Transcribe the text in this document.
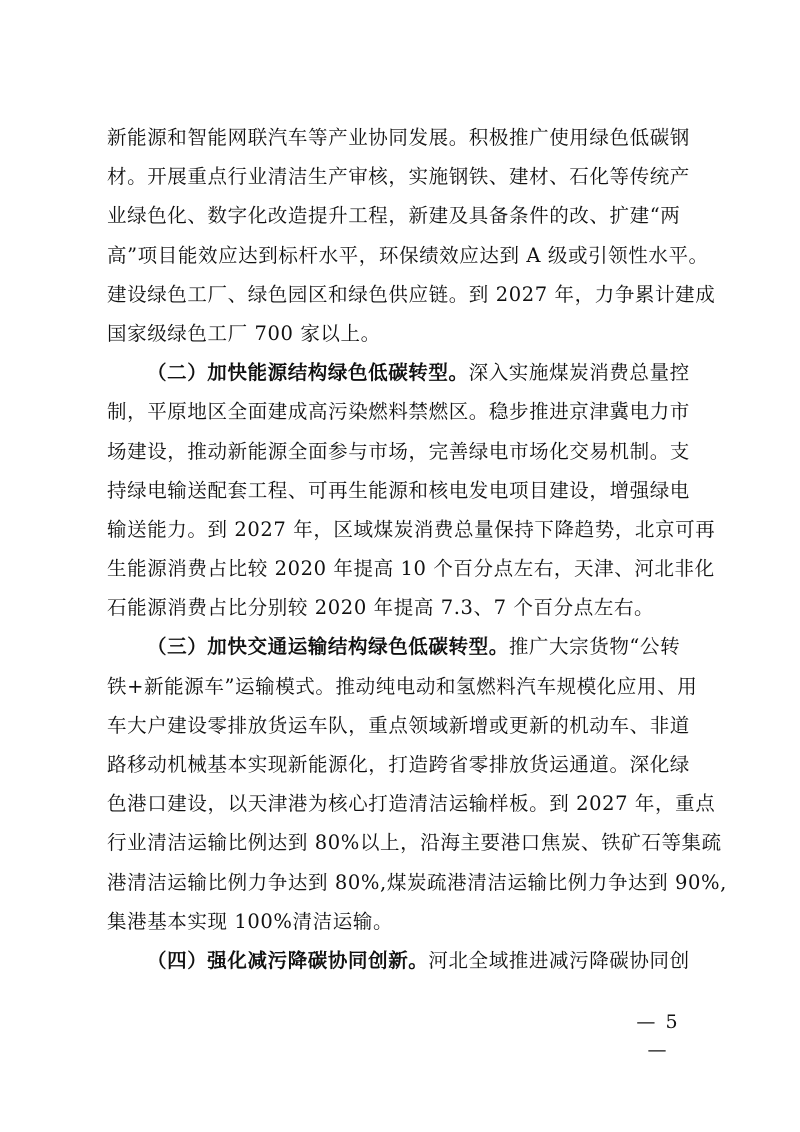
新能源和智能网联汽车等产业协同发展。积极推广使用绿色低碳钢
材。开展重点行业清洁生产审核，实施钢铁、建材、石化等传统产
业绿色化、数字化改造提升工程，新建及具备条件的改、扩建“两
高”项目能效应达到标杆水平，环保绩效应达到 A 级或引领性水平。
建设绿色工厂、绿色园区和绿色供应链。到 2027 年，力争累计建成
国家级绿色工厂 700 家以上。
（二）加快能源结构绿色低碳转型。深入实施煤炭消费总量控
制，平原地区全面建成高污染燃料禁燃区。稳步推进京津冀电力市
场建设，推动新能源全面参与市场，完善绿电市场化交易机制。支
持绿电输送配套工程、可再生能源和核电发电项目建设，增强绿电
输送能力。到 2027 年，区域煤炭消费总量保持下降趋势，北京可再
生能源消费占比较 2020 年提高 10 个百分点左右，天津、河北非化
石能源消费占比分别较 2020 年提高 7.3、7 个百分点左右。
（三）加快交通运输结构绿色低碳转型。推广大宗货物“公转
铁+新能源车”运输模式。推动纯电动和氢燃料汽车规模化应用、用
车大户建设零排放货运车队，重点领域新增或更新的机动车、非道
路移动机械基本实现新能源化，打造跨省零排放货运通道。深化绿
色港口建设，以天津港为核心打造清洁运输样板。到 2027 年，重点
行业清洁运输比例达到 80%以上，沿海主要港口焦炭、铁矿石等集疏
港清洁运输比例力争达到 80%,煤炭疏港清洁运输比例力争达到 90%,
集港基本实现 100%清洁运输。
（四）强化减污降碳协同创新。河北全域推进减污降碳协同创
— 5 —
